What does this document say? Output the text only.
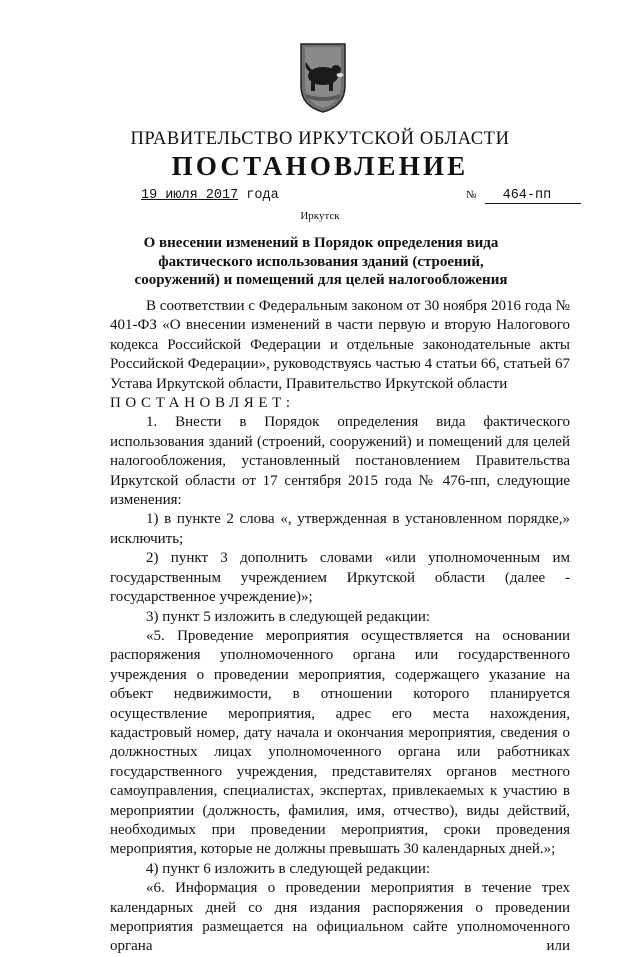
ПРАВИТЕЛЬСТВО ИРКУТСКОЙ ОБЛАСТИ
ПОСТАНОВЛЕНИЕ
19 июля 2017 года	№ 464-пп
Иркутск
О внесении изменений в Порядок определения вида фактического использования зданий (строений, сооружений) и помещений для целей налогообложения

В соответствии с Федеральным законом от 30 ноября 2016 года № 401-ФЗ «О внесении изменений в части первую и вторую Налогового кодекса Российской Федерации и отдельные законодательные акты Российской Федерации», руководствуясь частью 4 статьи 66, статьей 67 Устава Иркутской области, Правительство Иркутской области

ПОСТАНОВЛЯЕТ:

1. Внести в Порядок определения вида фактического использования зданий (строений, сооружений) и помещений для целей налогообложения, установленный постановлением Правительства Иркутской области от 17 сентября 2015 года № 476-пп, следующие изменения:

1) в пункте 2 слова «, утвержденная в установленном порядке,» исключить;

2) пункт 3 дополнить словами «или уполномоченным им государственным учреждением Иркутской области (далее - государственное учреждение)»;

3) пункт 5 изложить в следующей редакции:

«5. Проведение мероприятия осуществляется на основании распоряжения уполномоченного органа или государственного учреждения о проведении мероприятия, содержащего указание на объект недвижимости, в отношении которого планируется осуществление мероприятия, адрес его места нахождения, кадастровый номер, дату начала и окончания мероприятия, сведения о должностных лицах уполномоченного органа или работниках государственного учреждения, представителях органов местного самоуправления, специалистах, экспертах, привлекаемых к участию в мероприятии (должность, фамилия, имя, отчество), виды действий, необходимых при проведении мероприятия, сроки проведения мероприятия, которые не должны превышать 30 календарных дней.»;

4) пункт 6 изложить в следующей редакции:

«6. Информация о проведении мероприятия в течение трех календарных дней со дня издания распоряжения о проведении мероприятия размещается на официальном сайте уполномоченного органа или
